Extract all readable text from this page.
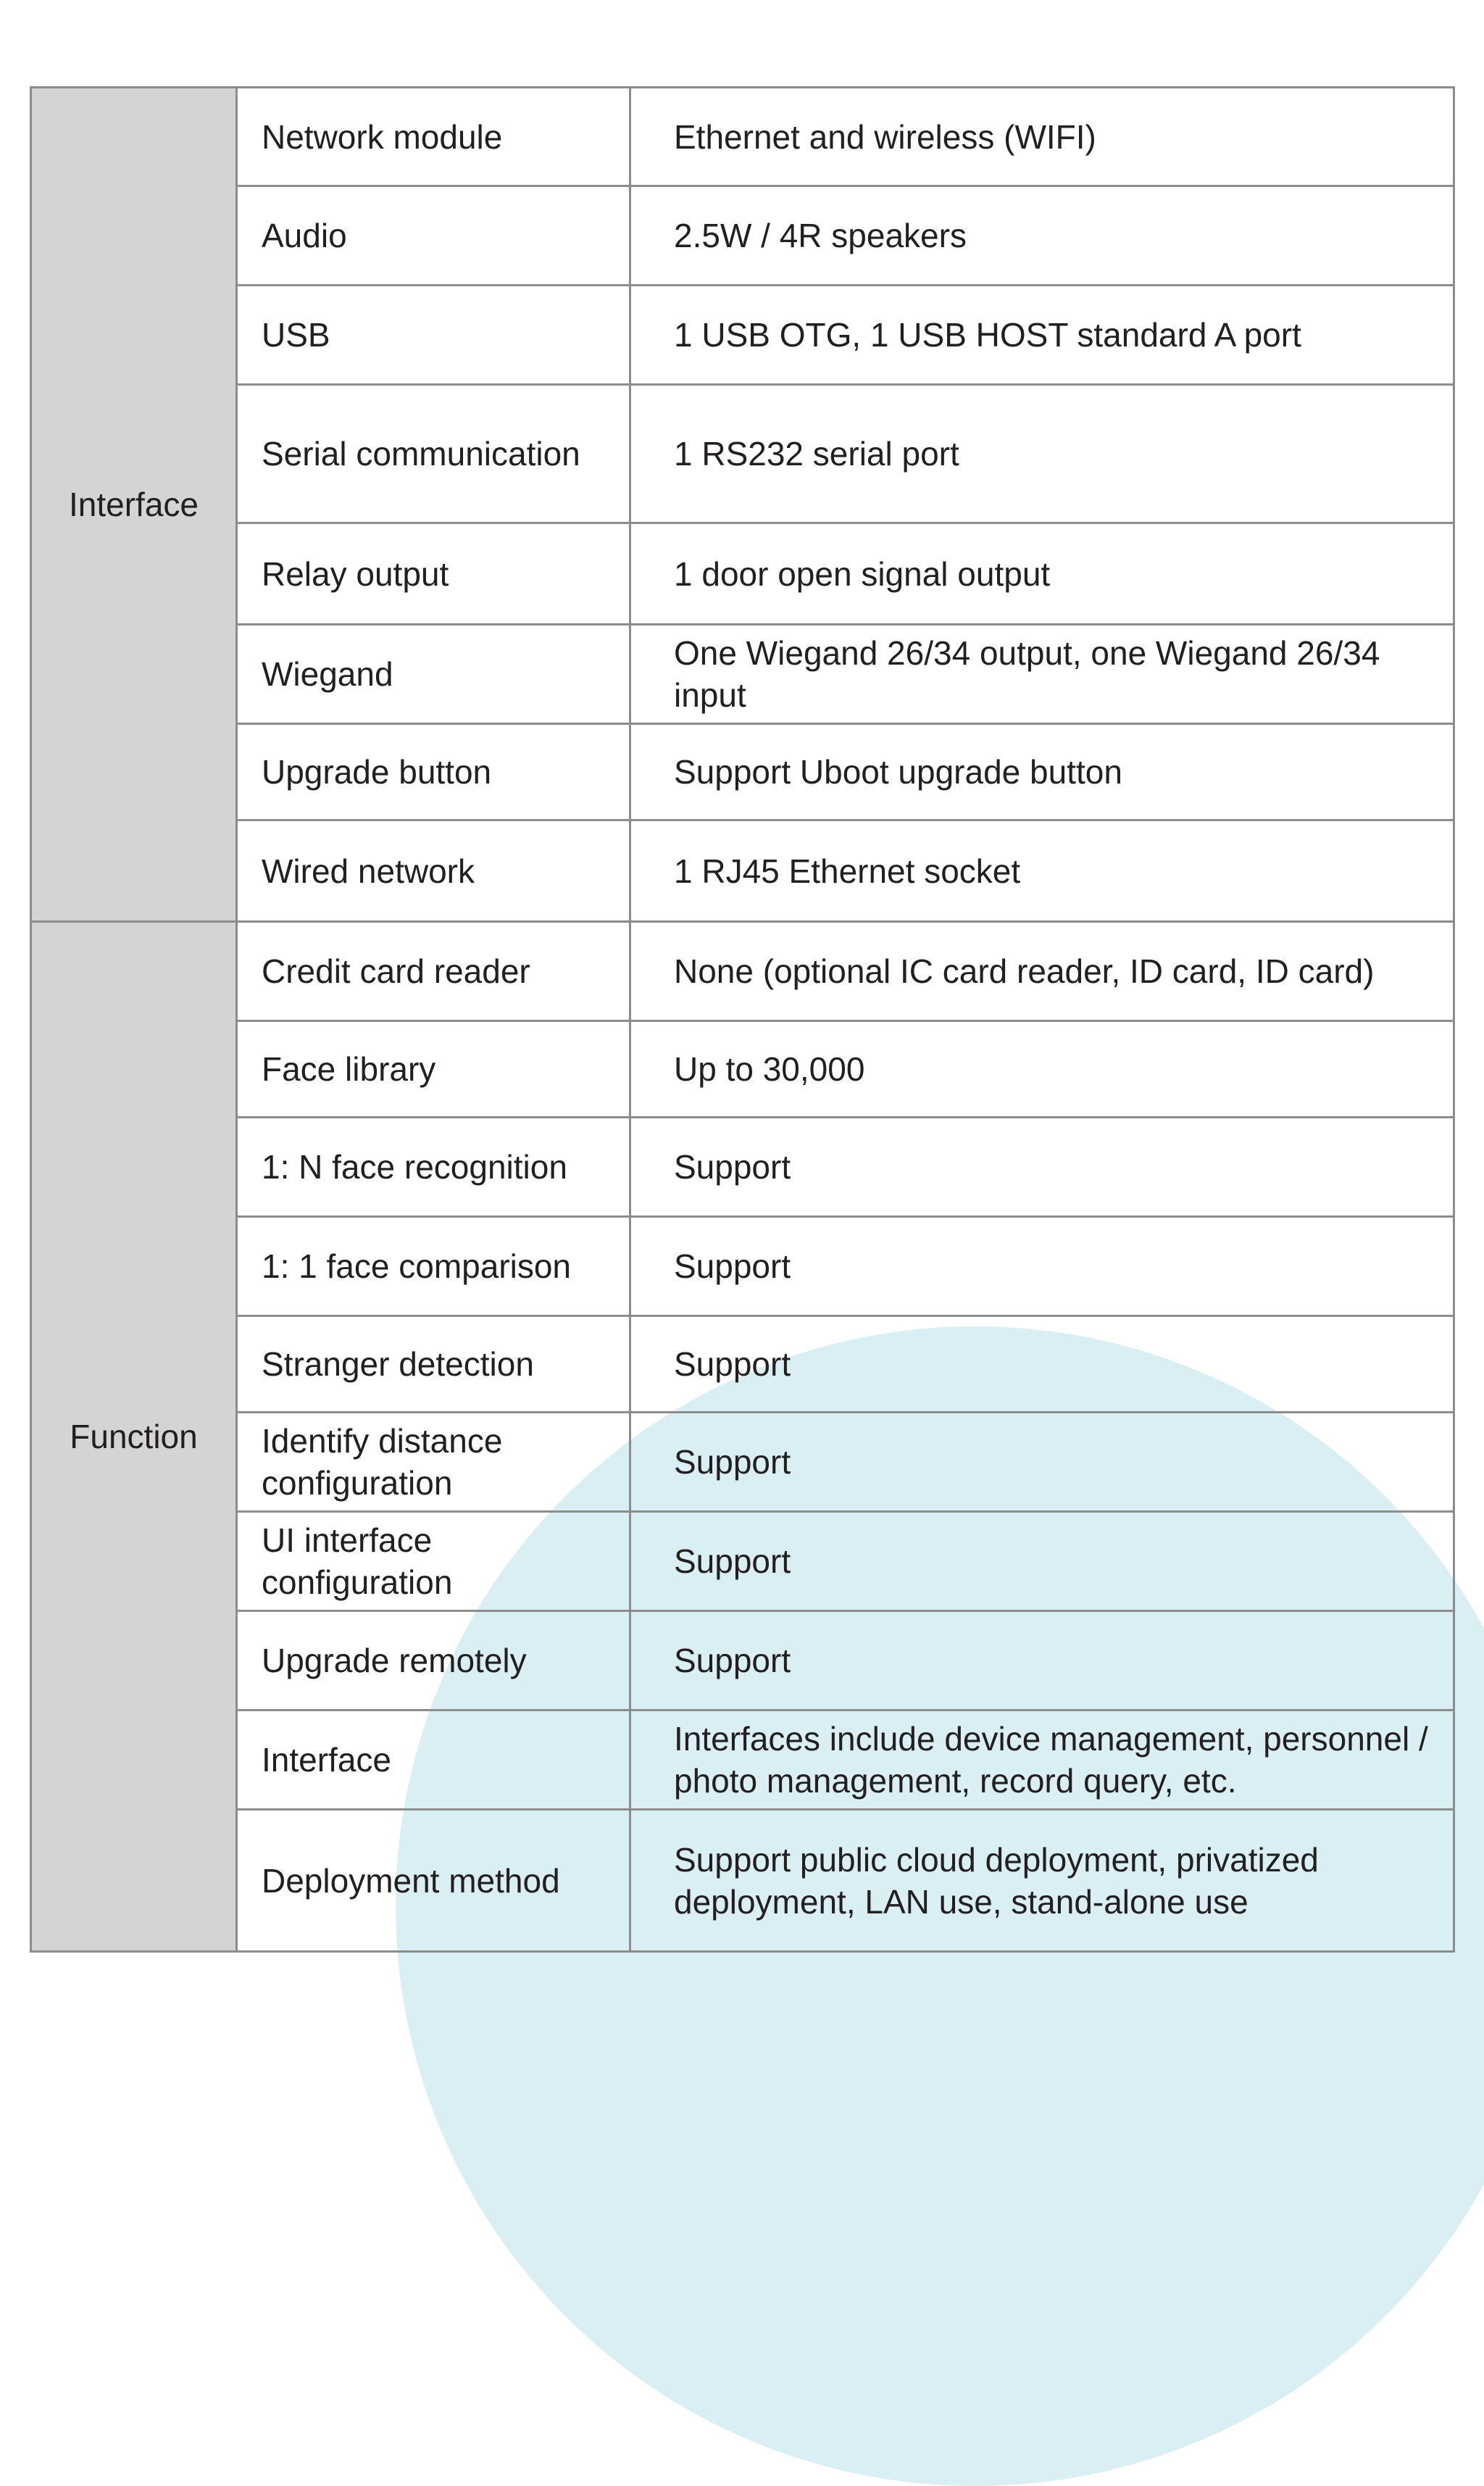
Interface	Network module	Ethernet and wireless (WIFI)
	Audio	2.5W / 4R speakers
	USB	1 USB OTG, 1 USB HOST standard A port
	Serial communication	1 RS232 serial port
	Relay output	1 door open signal output
	Wiegand	One Wiegand 26/34 output, one Wiegand 26/34 input
	Upgrade button	Support Uboot upgrade button
	Wired network	1 RJ45 Ethernet socket
Function	Credit card reader	None (optional IC card reader, ID card, ID card)
	Face library	Up to 30,000
	1: N face recognition	Support
	1: 1 face comparison	Support
	Stranger detection	Support
	Identify distance configuration	Support
	UI interface configuration	Support
	Upgrade remotely	Support
	Interface	Interfaces include device management, personnel / photo management, record query, etc.
	Deployment method	Support public cloud deployment, privatized deployment, LAN use, stand-alone use
